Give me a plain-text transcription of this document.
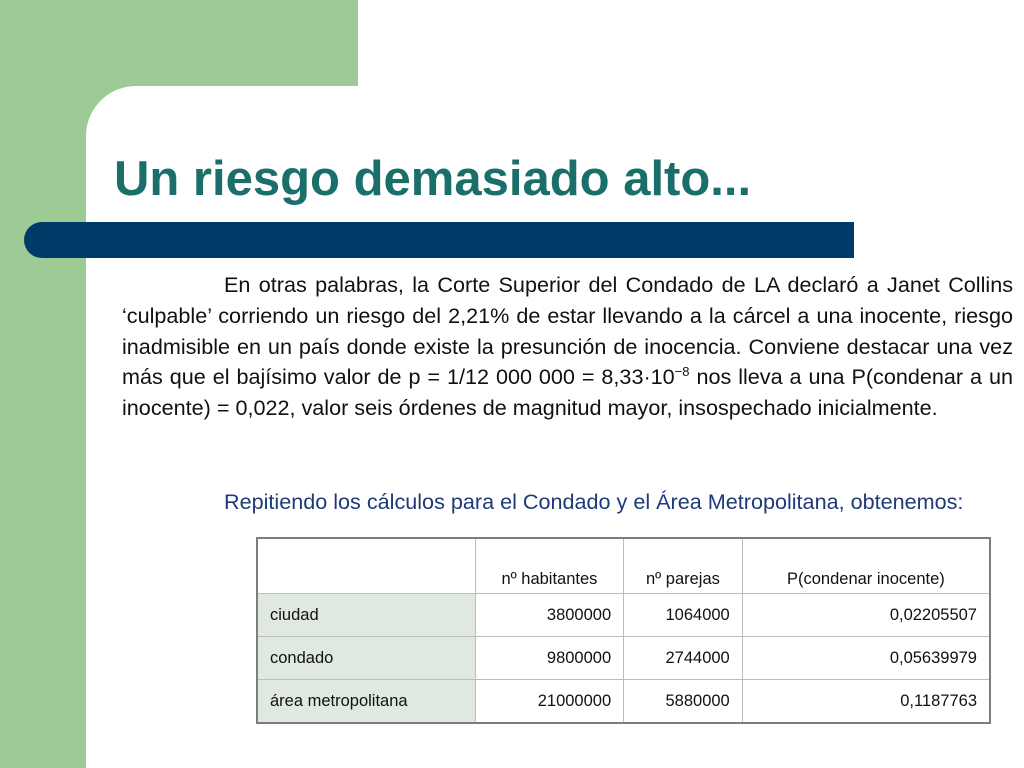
Un riesgo demasiado alto...

En otras palabras, la Corte Superior del Condado de LA declaró a Janet Collins ‘culpable’ corriendo un riesgo del 2,21% de estar llevando a la cárcel a una inocente, riesgo inadmisible en un país donde existe la presunción de inocencia. Conviene destacar una vez más que el bajísimo valor de p = 1/12 000 $000 = 8,33\cdot 10^{-8}$ nos lleva a una P(condenar a un inocente) = 0,022, valor seis órdenes de magnitud mayor, insospechado inicialmente.

Repitiendo los cálculos para el Condado y el Área Metropolitana, obtenemos:

	nº habitantes	nº parejas	P(condenar inocente)
ciudad	3800000	1064000	0,02205507
condado	9800000	2744000	0,05639979
área metropolitana	21000000	5880000	0,1187763
